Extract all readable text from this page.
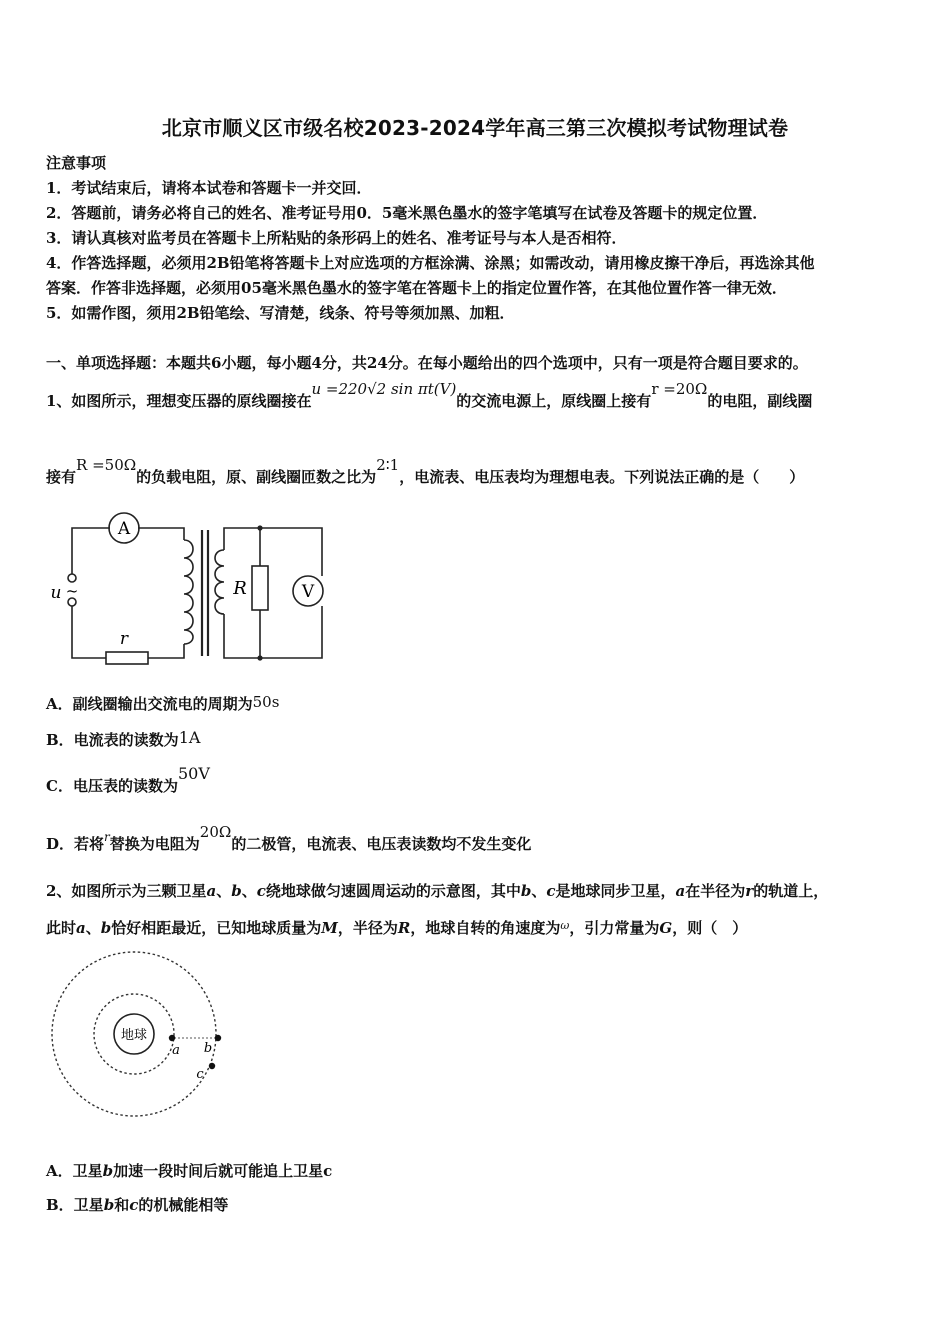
北京市顺义区市级名校2023-2024学年高三第三次模拟考试物理试卷
注意事项
1．考试结束后，请将本试卷和答题卡一并交回．
2．答题前，请务必将自己的姓名、准考证号用0．5毫米黑色墨水的签字笔填写在试卷及答题卡的规定位置．
3．请认真核对监考员在答题卡上所粘贴的条形码上的姓名、准考证号与本人是否相符．
4．作答选择题，必须用2B铅笔将答题卡上对应选项的方框涂满、涂黑；如需改动，请用橡皮擦干净后，再选涂其他
答案．作答非选择题，必须用05毫米黑色墨水的签字笔在答题卡上的指定位置作答，在其他位置作答一律无效．
5．如需作图，须用2B铅笔绘、写清楚，线条、符号等须加黑、加粗．
一、单项选择题：本题共6小题，每小题4分，共24分。在每小题给出的四个选项中，只有一项是符合题目要求的。
1、如图所示，理想变压器的原线圈接在u =220√2 sin πt(V)的交流电源上，原线圈上接有r =20Ω的电阻，副线圈
接有R =50Ω的负载电阻，原、副线圈匝数之比为2∶1，电流表、电压表均为理想电表。下列说法正确的是（　　）
A
V
R
r
u ~
A．副线圈输出交流电的周期为50s
B．电流表的读数为1A
C．电压表的读数为50V
D．若将$^r$替换为电阻为20Ω的二极管，电流表、电压表读数均不发生变化
2、如图所示为三颗卫星a、b、c绕地球做匀速圆周运动的示意图，其中b、c是地球同步卫星，a在半径为r的轨道上，
此时a、b恰好相距最近，已知地球质量为M，半径为R，地球自转的角速度为$^\omega$，引力常量为G，则（　）
地球
a b
c
A．卫星b加速一段时间后就可能追上卫星c
B．卫星b和c的机械能相等
